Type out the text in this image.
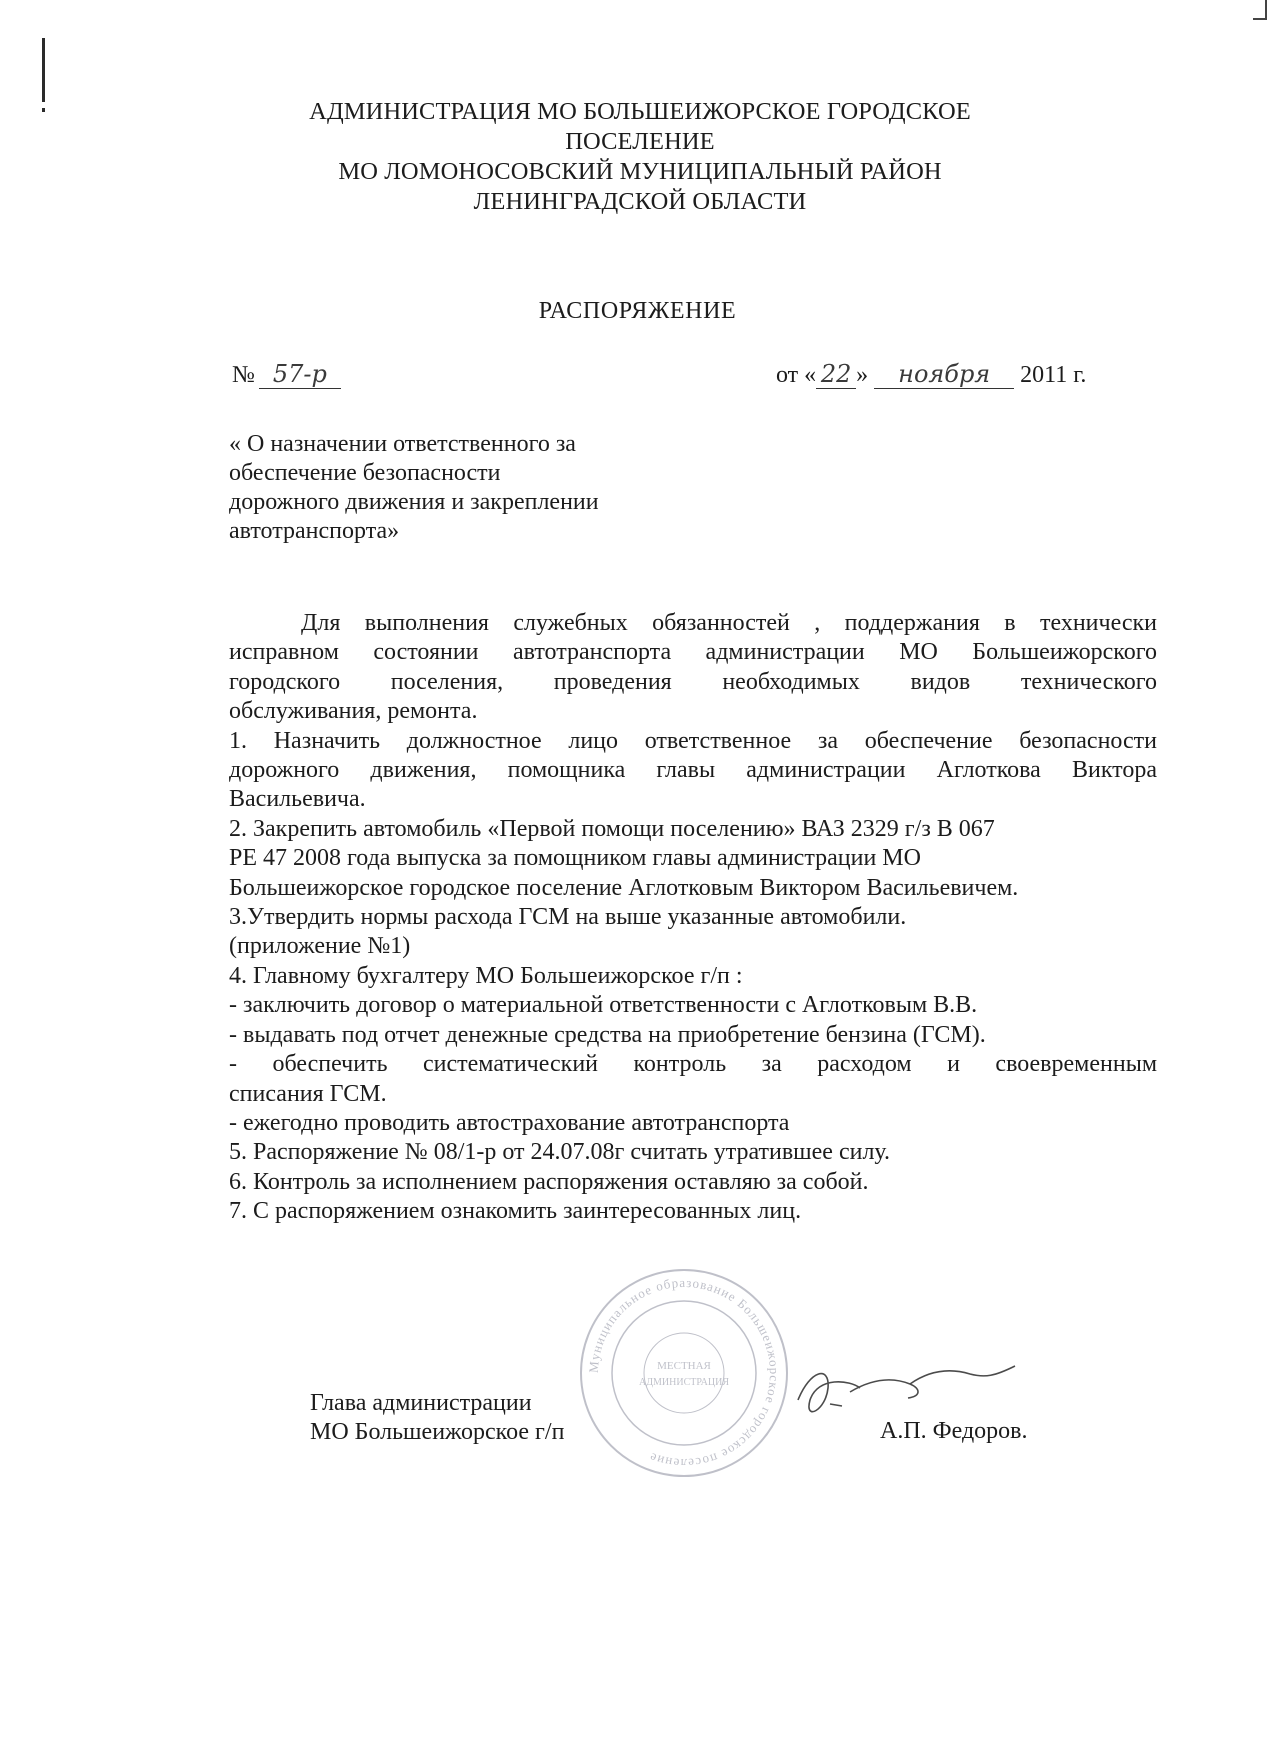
АДМИНИСТРАЦИЯ МО БОЛЬШЕИЖОРСКОЕ ГОРОДСКОЕ
ПОСЕЛЕНИЕ
МО ЛОМОНОСОВСКИЙ МУНИЦИПАЛЬНЫЙ РАЙОН
ЛЕНИНГРАДСКОЙ ОБЛАСТИ
РАСПОРЯЖЕНИЕ
№ 57-р	от « 22 » ноября 2011 г.
« О назначении ответственного за
обеспечение безопасности
дорожного движения и закреплении
автотранспорта»

Для выполнения служебных обязанностей , поддержания в технически

исправном состоянии автотранспорта администрации МО Большеижорского

городского поселения, проведения необходимых видов технического

обслуживания, ремонта.

1. Назначить должностное лицо ответственное за обеспечение безопасности

дорожного движения, помощника главы администрации Аглоткова Виктора

Васильевича.

2. Закрепить автомобиль «Первой помощи поселению» ВАЗ 2329 г/з В 067

РЕ 47 2008 года выпуска за помощником главы администрации МО

Большеижорское городское поселение Аглотковым Виктором Васильевичем.

3.Утвердить нормы расхода ГСМ на выше указанные автомобили.

(приложение №1)

4. Главному бухгалтеру МО Большеижорское г/п :

- заключить договор о материальной ответственности с Аглотковым В.В.

- выдавать под отчет денежные средства на приобретение бензина (ГСМ).

- обеспечить систематический контроль за расходом и своевременным

списания ГСМ.

- ежегодно проводить автострахование автотранспорта

5. Распоряжение № 08/1-р от 24.07.08г считать утратившее силу.

6. Контроль за исполнением распоряжения оставляю за собой.

7. С распоряжением ознакомить заинтересованных лиц.

Муниципальное образование Большеижорское городское поселение
МЕСТНАЯ
АДМИНИСТРАЦИЯ
Глава администрации
МО Большеижорское г/п	А.П. Федоров.
